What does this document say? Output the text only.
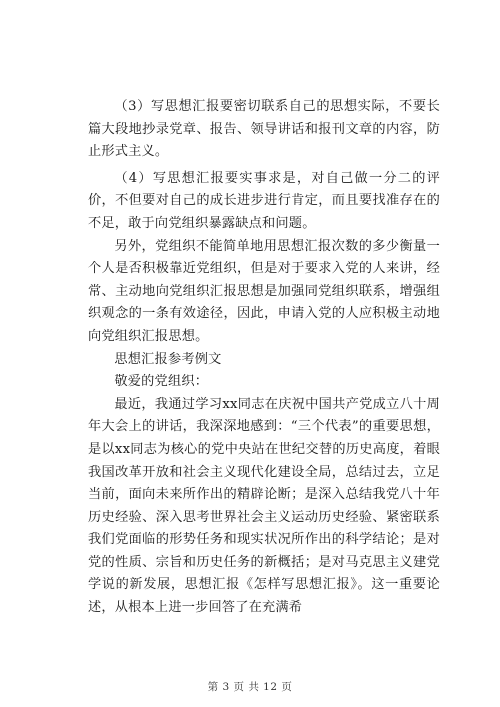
（3）写思想汇报要密切联系自己的思想实际，不要长篇大段地抄录党章、报告、领导讲话和报刊文章的内容，防止形式主义。

（4）写思想汇报要实事求是，对自己做一分二的评价，不但要对自己的成长进步进行肯定，而且要找准存在的不足，敢于向党组织暴露缺点和问题。

另外，党组织不能简单地用思想汇报次数的多少衡量一个人是否积极靠近党组织，但是对于要求入党的人来讲，经常、主动地向党组织汇报思想是加强同党组织联系，增强组织观念的一条有效途径，因此，申请入党的人应积极主动地向党组织汇报思想。

思想汇报参考例文

敬爱的党组织：

最近，我通过学习xx同志在庆祝中国共产党成立八十周年大会上的讲话，我深深地感到：“三个代表”的重要思想，是以xx同志为核心的党中央站在世纪交替的历史高度，着眼我国改革开放和社会主义现代化建设全局，总结过去，立足当前，面向未来所作出的精辟论断；是深入总结我党八十年历史经验、深入思考世界社会主义运动历史经验、紧密联系我们党面临的形势任务和现实状况所作出的科学结论；是对党的性质、宗旨和历史任务的新概括；是对马克思主义建党学说的新发展，思想汇报《怎样写思想汇报》。这一重要论述，从根本上进一步回答了在充满希

第 3 页 共 12 页
